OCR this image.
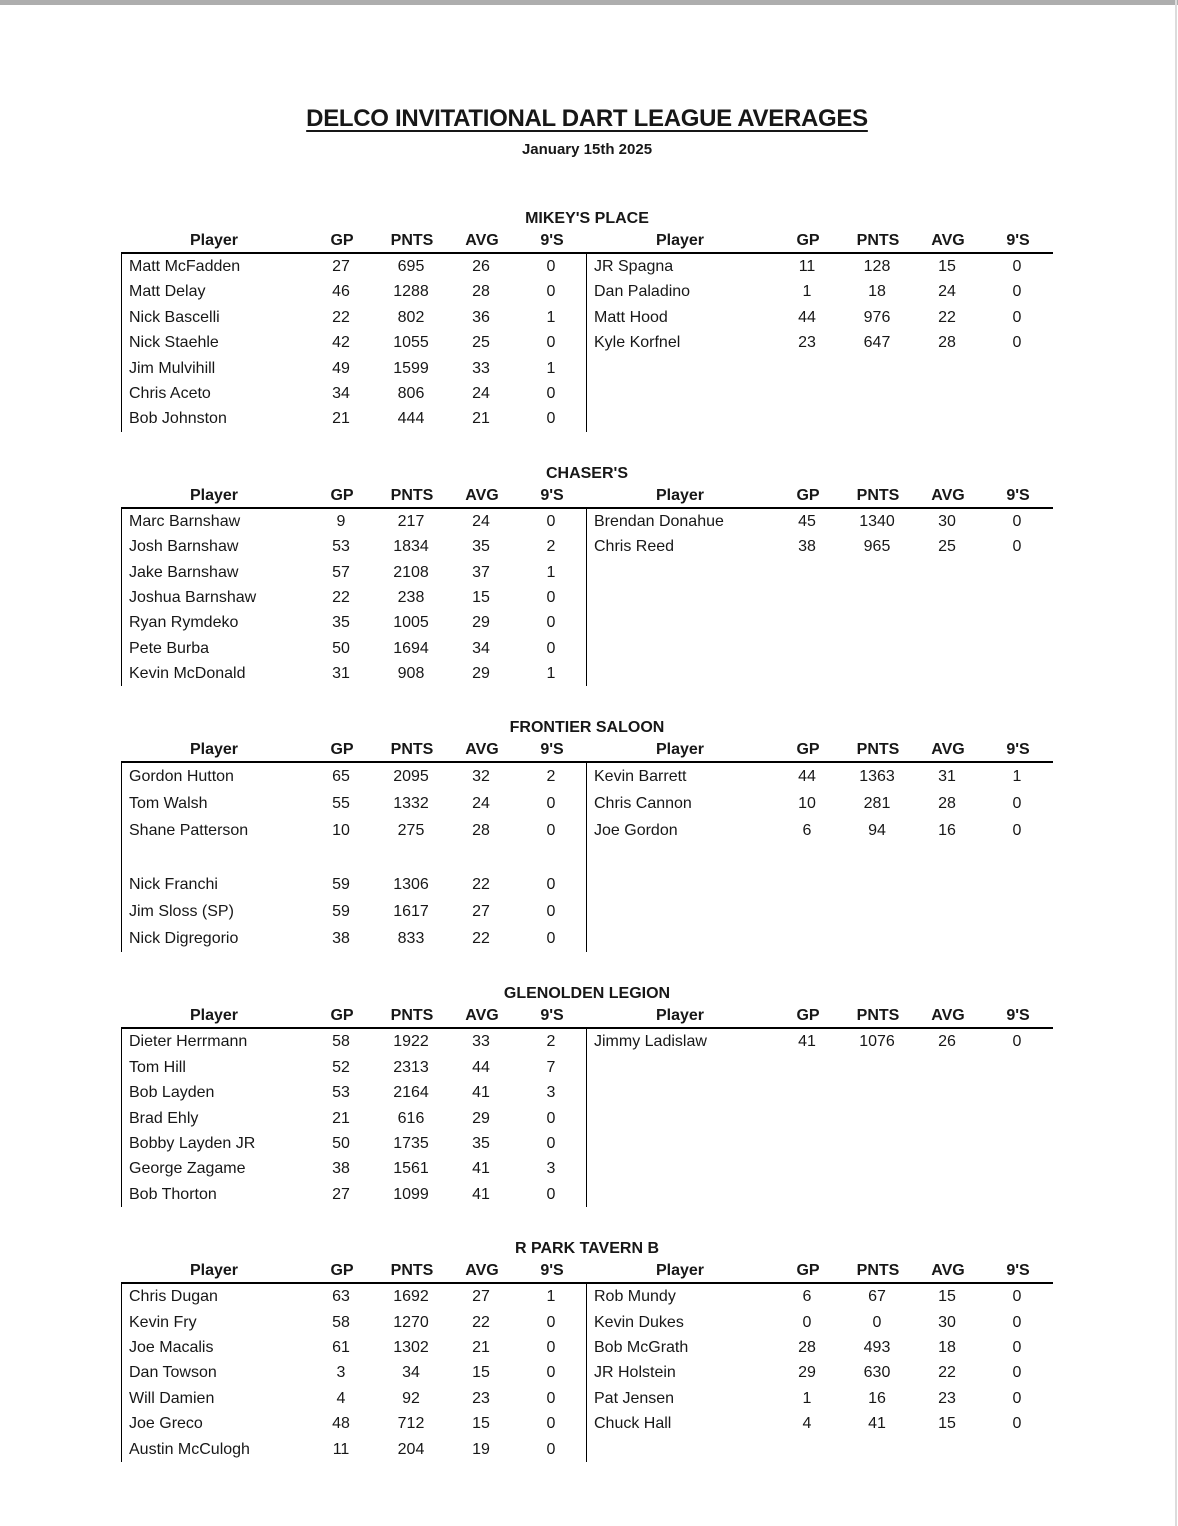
DELCO INVITATIONAL DART LEAGUE AVERAGES
January 15th 2025
MIKEY'S PLACE
Player	GP	PNTS	AVG	9'S
Matt McFadden	27	695	26	0
Matt Delay	46	1288	28	0
Nick Bascelli	22	802	36	1
Nick Staehle	42	1055	25	0
Jim Mulvihill	49	1599	33	1
Chris Aceto	34	806	24	0
Bob Johnston	21	444	21	0
Player	GP	PNTS	AVG	9'S
JR Spagna	11	128	15	0
Dan Paladino	1	18	24	0
Matt Hood	44	976	22	0
Kyle Korfnel	23	647	28	0
CHASER'S
Player	GP	PNTS	AVG	9'S
Marc Barnshaw	9	217	24	0
Josh Barnshaw	53	1834	35	2
Jake Barnshaw	57	2108	37	1
Joshua Barnshaw	22	238	15	0
Ryan Rymdeko	35	1005	29	0
Pete Burba	50	1694	34	0
Kevin McDonald	31	908	29	1
Player	GP	PNTS	AVG	9'S
Brendan Donahue	45	1340	30	0
Chris Reed	38	965	25	0
FRONTIER SALOON
Player	GP	PNTS	AVG	9'S
Gordon Hutton	65	2095	32	2
Tom Walsh	55	1332	24	0
Shane Patterson	10	275	28	0
Nick Franchi	59	1306	22	0
Jim Sloss (SP)	59	1617	27	0
Nick Digregorio	38	833	22	0
Player	GP	PNTS	AVG	9'S
Kevin Barrett	44	1363	31	1
Chris Cannon	10	281	28	0
Joe Gordon	6	94	16	0
GLENOLDEN LEGION
Player	GP	PNTS	AVG	9'S
Dieter Herrmann	58	1922	33	2
Tom Hill	52	2313	44	7
Bob Layden	53	2164	41	3
Brad Ehly	21	616	29	0
Bobby Layden JR	50	1735	35	0
George Zagame	38	1561	41	3
Bob Thorton	27	1099	41	0
Player	GP	PNTS	AVG	9'S
Jimmy Ladislaw	41	1076	26	0
R PARK TAVERN B
Player	GP	PNTS	AVG	9'S
Chris Dugan	63	1692	27	1
Kevin Fry	58	1270	22	0
Joe Macalis	61	1302	21	0
Dan Towson	3	34	15	0
Will Damien	4	92	23	0
Joe Greco	48	712	15	0
Austin McCulogh	11	204	19	0
Player	GP	PNTS	AVG	9'S
Rob Mundy	6	67	15	0
Kevin Dukes	0	0	30	0
Bob McGrath	28	493	18	0
JR Holstein	29	630	22	0
Pat Jensen	1	16	23	0
Chuck Hall	4	41	15	0
